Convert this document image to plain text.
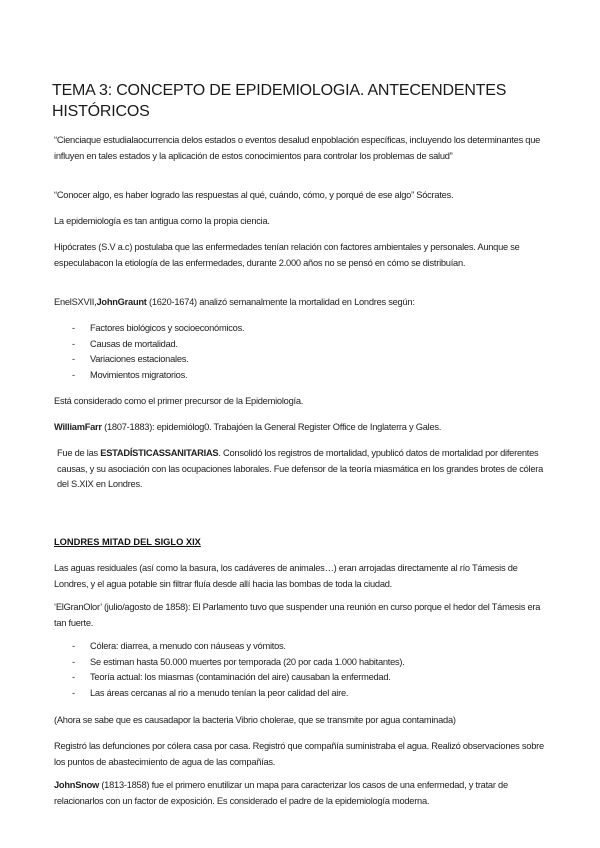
TEMA 3: CONCEPTO DE EPIDEMIOLOGIA. ANTECENDENTES HISTÓRICOS

“Cienciaque estudialaocurrencia delos estados o eventos desalud enpoblación específicas, incluyendo los determinantes que influyen en tales estados y la aplicación de estos conocimientos para controlar los problemas de salud”

“Conocer algo, es haber logrado las respuestas al qué, cuándo, cómo, y porqué de ese algo” Sócrates.

La epidemiología es tan antigua como la propia ciencia.

Hipócrates (S.V a.c) postulaba que las enfermedades tenían relación con factores ambientales y personales. Aunque se especulabacon la etiología de las enfermedades, durante 2.000 años no se pensó en cómo se distribuían.

EnelSXVII,JohnGraunt (1620-1674) analizó semanalmente la mortalidad en Londres según:

- Factores biológicos y socioeconómicos.
- Causas de mortalidad.
- Variaciones estacionales.
- Movimientos migratorios.

Está considerado como el primer precursor de la Epidemiología.

WilliamFarr (1807-1883): epidemiólog0. Trabajóen la General Register Office de Inglaterra y Gales.

Fue de las ESTADÍSTICASSANITARIAS. Consolidó los registros de mortalidad, ypublicó datos de mortalidad por diferentes causas, y su asociación con las ocupaciones laborales. Fue defensor de la teoría miasmática en los grandes brotes de cólera del S.XIX en Londres.

LONDRES MITAD DEL SIGLO XIX

Las aguas residuales (así como la basura, los cadáveres de animales…) eran arrojadas directamente al río Támesis de Londres, y el agua potable sin filtrar fluía desde allí hacia las bombas de toda la ciudad.

‘ElGranOlor’ (julio/agosto de 1858): El Parlamento tuvo que suspender una reunión en curso porque el hedor del Támesis era tan fuerte.

- Cólera: diarrea, a menudo con náuseas y vómitos.
- Se estiman hasta 50.000 muertes por temporada (20 por cada 1.000 habitantes).
- Teoría actual: los miasmas (contaminación del aire) causaban la enfermedad.
- Las áreas cercanas al rio a menudo tenían la peor calidad del aire.

(Ahora se sabe que es causadapor la bacteria Vibrio cholerae, que se transmite por agua contaminada)

Registró las defunciones por cólera casa por casa. Registró que compañía suministraba el agua. Realizó observaciones sobre los puntos de abastecimiento de agua de las compañías.

JohnSnow (1813-1858) fue el primero enutilizar un mapa para caracterizar los casos de una enfermedad, y tratar de relacionarlos con un factor de exposición. Es considerado el padre de la epidemiología moderna.
